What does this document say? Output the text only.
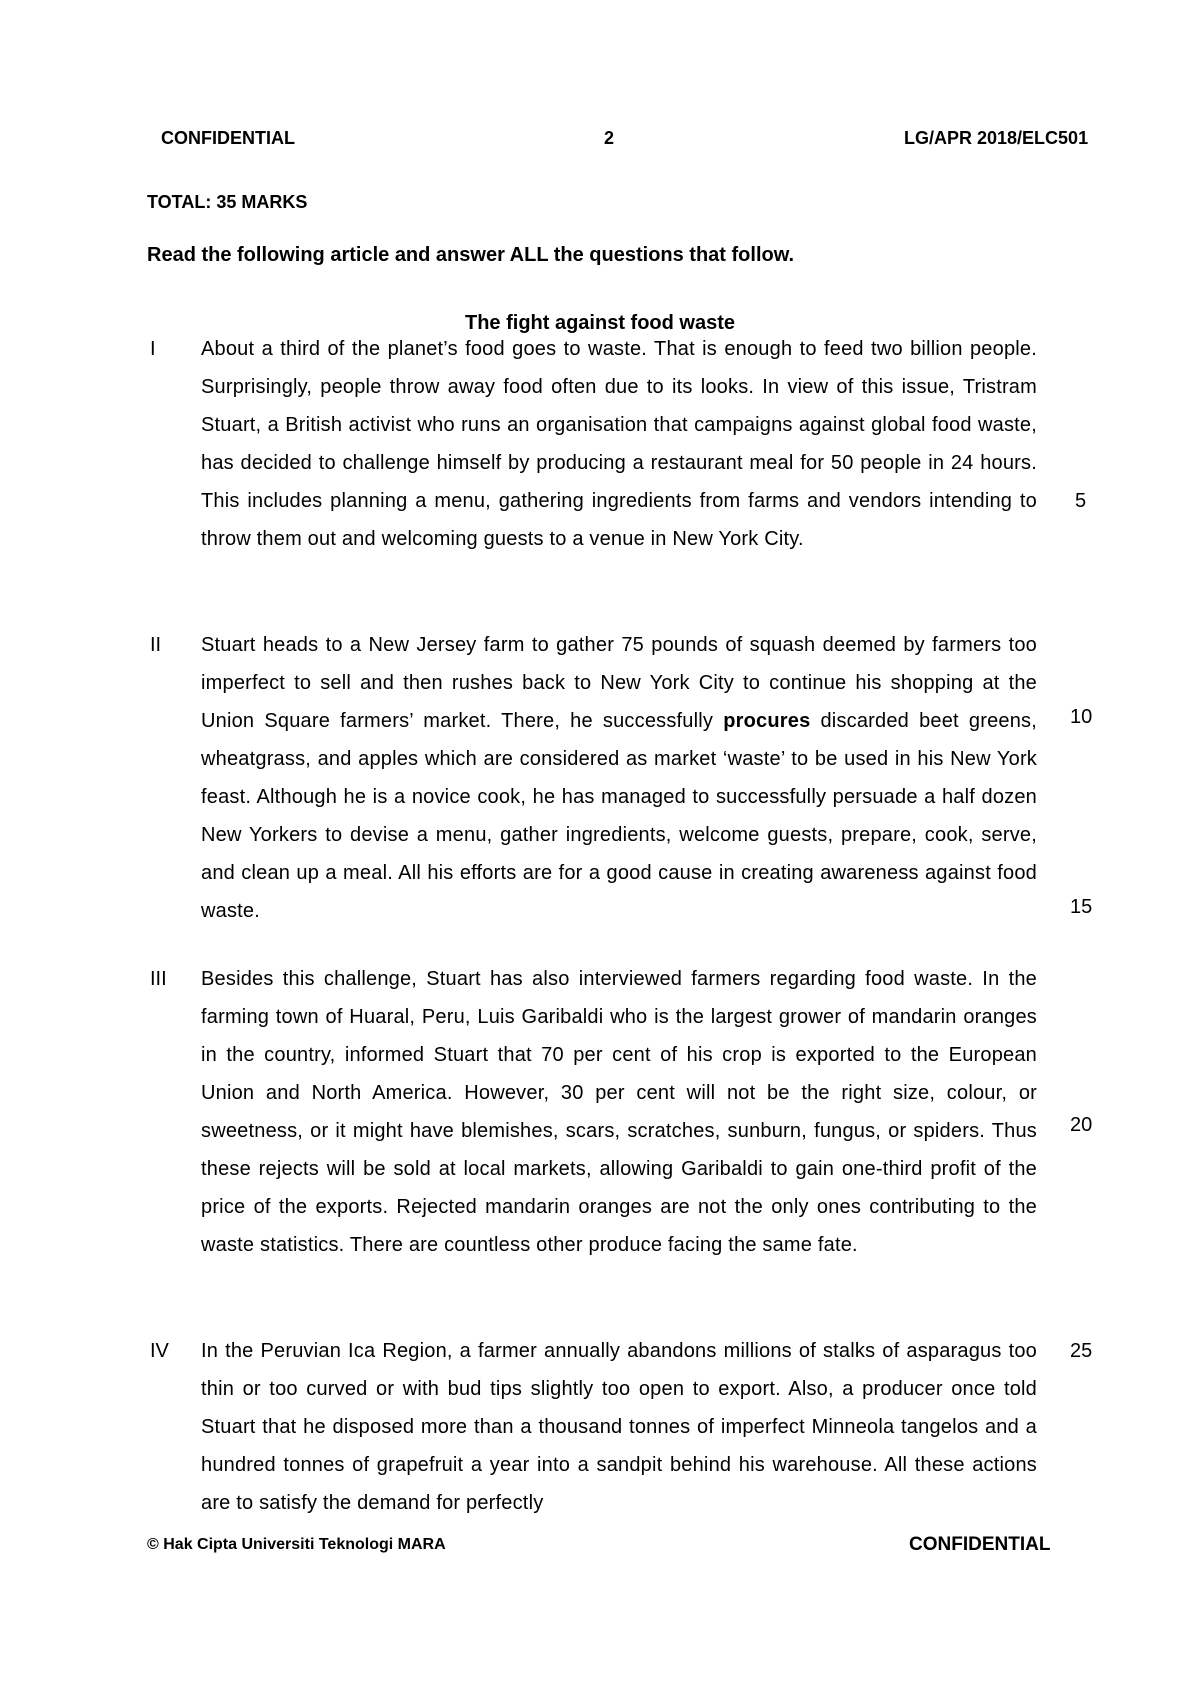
CONFIDENTIAL	2	LG/APR 2018/ELC501
TOTAL: 35 MARKS
Read the following article and answer ALL the questions that follow.
The fight against food waste
I About a third of the planet’s food goes to waste. That is enough to feed two billion people. Surprisingly, people throw away food often due to its looks. In view of this issue, Tristram Stuart, a British activist who runs an organisation that campaigns against global food waste, has decided to challenge himself by producing a restaurant meal for 50 people in 24 hours. This includes planning a menu, gathering ingredients from farms and vendors intending to throw them out and welcoming guests to a venue in New York City.

II Stuart heads to a New Jersey farm to gather 75 pounds of squash deemed by farmers too imperfect to sell and then rushes back to New York City to continue his shopping at the Union Square farmers’ market. There, he successfully procures discarded beet greens, wheatgrass, and apples which are considered as market ‘waste’ to be used in his New York feast. Although he is a novice cook, he has managed to successfully persuade a half dozen New Yorkers to devise a menu, gather ingredients, welcome guests, prepare, cook, serve, and clean up a meal. All his efforts are for a good cause in creating awareness against food waste.

III Besides this challenge, Stuart has also interviewed farmers regarding food waste. In the farming town of Huaral, Peru, Luis Garibaldi who is the largest grower of mandarin oranges in the country, informed Stuart that 70 per cent of his crop is exported to the European Union and North America. However, 30 per cent will not be the right size, colour, or sweetness, or it might have blemishes, scars, scratches, sunburn, fungus, or spiders. Thus these rejects will be sold at local markets, allowing Garibaldi to gain one-third profit of the price of the exports. Rejected mandarin oranges are not the only ones contributing to the waste statistics. There are countless other produce facing the same fate.

IV In the Peruvian Ica Region, a farmer annually abandons millions of stalks of asparagus too thin or too curved or with bud tips slightly too open to export. Also, a producer once told Stuart that he disposed more than a thousand tonnes of imperfect Minneola tangelos and a hundred tonnes of grapefruit a year into a sandpit behind his warehouse. All these actions are to satisfy the demand for perfectly

5
10
15
20
25
© Hak Cipta Universiti Teknologi MARA	CONFIDENTIAL
